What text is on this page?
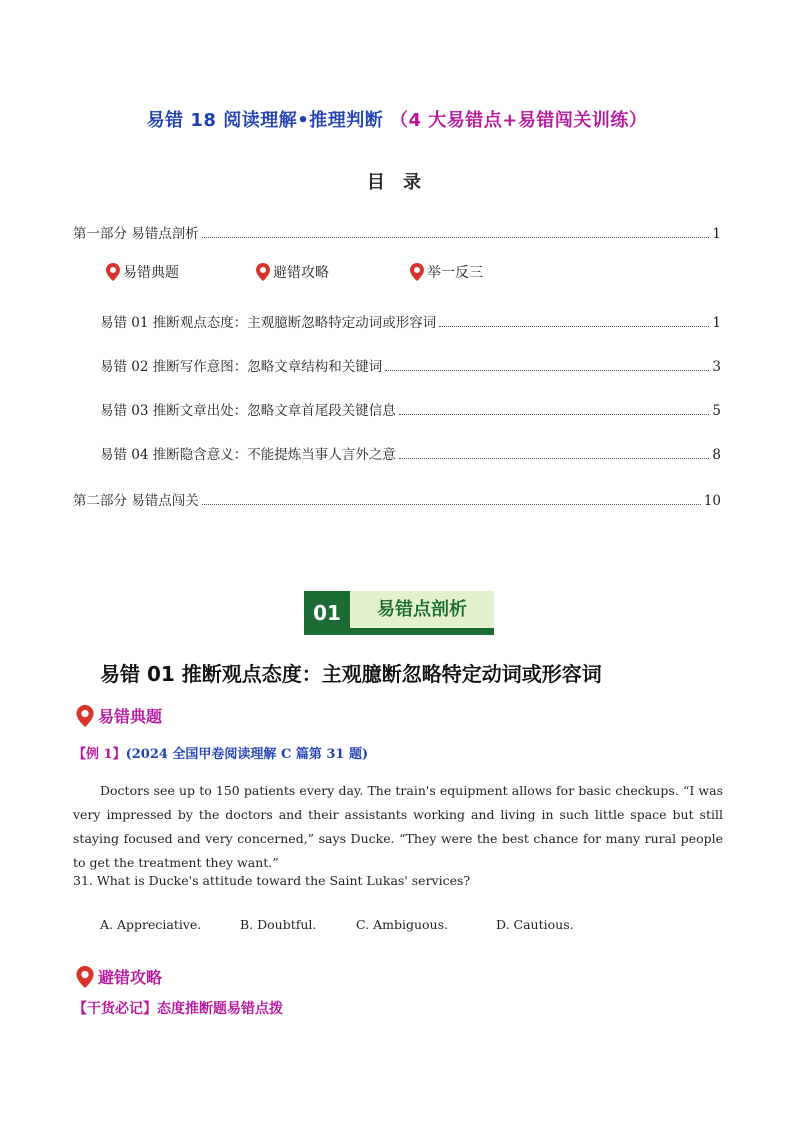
易错 18 阅读理解•推理判断 （4 大易错点+易错闯关训练）
目 录
第一部分 易错点剖析	1
易错典题	避错攻略	举一反三
易错 01 推断观点态度：主观臆断忽略特定动词或形容词	1
易错 02 推断写作意图：忽略文章结构和关键词	3
易错 03 推断文章出处：忽略文章首尾段关键信息	5
易错 04 推断隐含意义：不能提炼当事人言外之意	8
第二部分 易错点闯关	10
01	易错点剖析
易错 01 推断观点态度：主观臆断忽略特定动词或形容词
易错典题
【例 1】(2024 全国甲卷阅读理解 C 篇第 31 题)
Doctors see up to 150 patients every day. The train's equipment allows for basic checkups. “I was very impressed by the doctors and their assistants working and living in such little space but still staying focused and very concerned,” says Ducke. “They were the best chance for many rural people to get the treatment they want.”
31. What is Ducke's attitude toward the Saint Lukas' services?
A. Appreciative.	B. Doubtful.	C. Ambiguous.	D. Cautious.
避错攻略
【干货必记】态度推断题易错点拨
